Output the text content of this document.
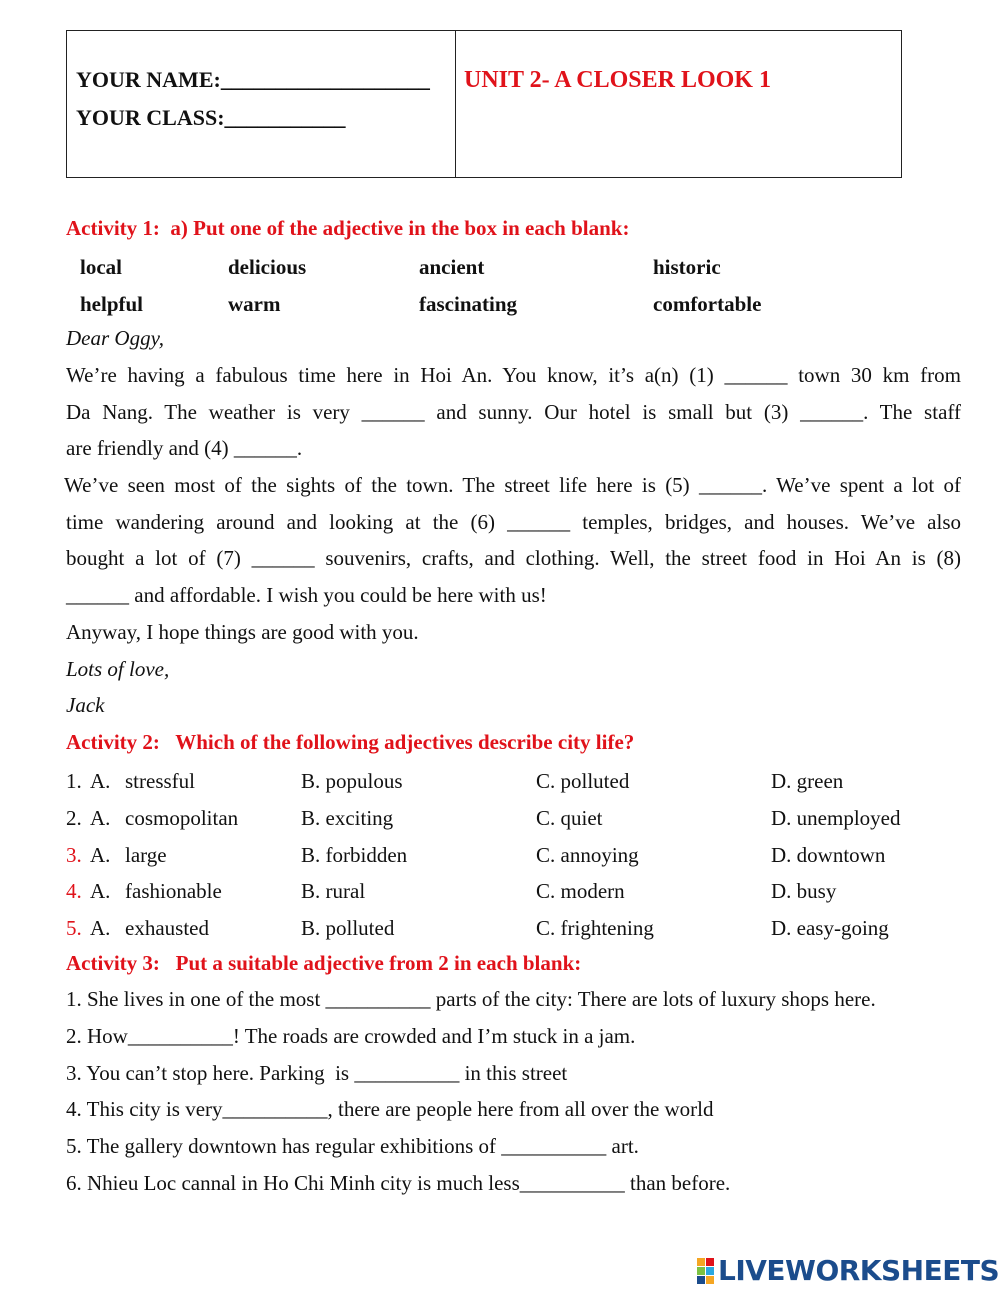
YOUR NAME:___________________
YOUR CLASS:___________
UNIT 2- A CLOSER LOOK 1
Activity 1:  a) Put one of the adjective in the box in each blank:
local	delicious	ancient	historic
helpful	warm	fascinating	comfortable
Dear Oggy,
We’re having a fabulous time here in Hoi An. You know, it’s a(n) (1) ______ town 30 km from
Da Nang. The weather is very ______ and sunny. Our hotel is small but (3) ______. The staff
are friendly and (4) ______.
We’ve seen most of the sights of the town. The street life here is (5) ______. We’ve spent a lot of
time wandering around and looking at the (6) ______ temples, bridges, and houses. We’ve also
bought a lot of (7) ______ souvenirs, crafts, and clothing. Well, the street food in Hoi An is (8)
______ and affordable. I wish you could be here with us!
Anyway, I hope things are good with you.
Lots of love,
Jack
Activity 2:   Which of the following adjectives describe city life?
1. A. stressful	B. populous	C. polluted	D. green
2. A. cosmopolitan	B. exciting	C. quiet	D. unemployed
3. A. large	B. forbidden	C. annoying	D. downtown
4. A. fashionable	B. rural	C. modern	D. busy
5. A. exhausted	B. polluted	C. frightening	D. easy-going
Activity 3:   Put a suitable adjective from 2 in each blank:
1. She lives in one of the most __________ parts of the city: There are lots of luxury shops here.
2. How__________! The roads are crowded and I’m stuck in a jam.
3. You can’t stop here. Parking  is __________ in this street
4. This city is very__________, there are people here from all over the world
5. The gallery downtown has regular exhibitions of __________ art.
6. Nhieu Loc cannal in Ho Chi Minh city is much less__________ than before.
LIVEWORKSHEETS
